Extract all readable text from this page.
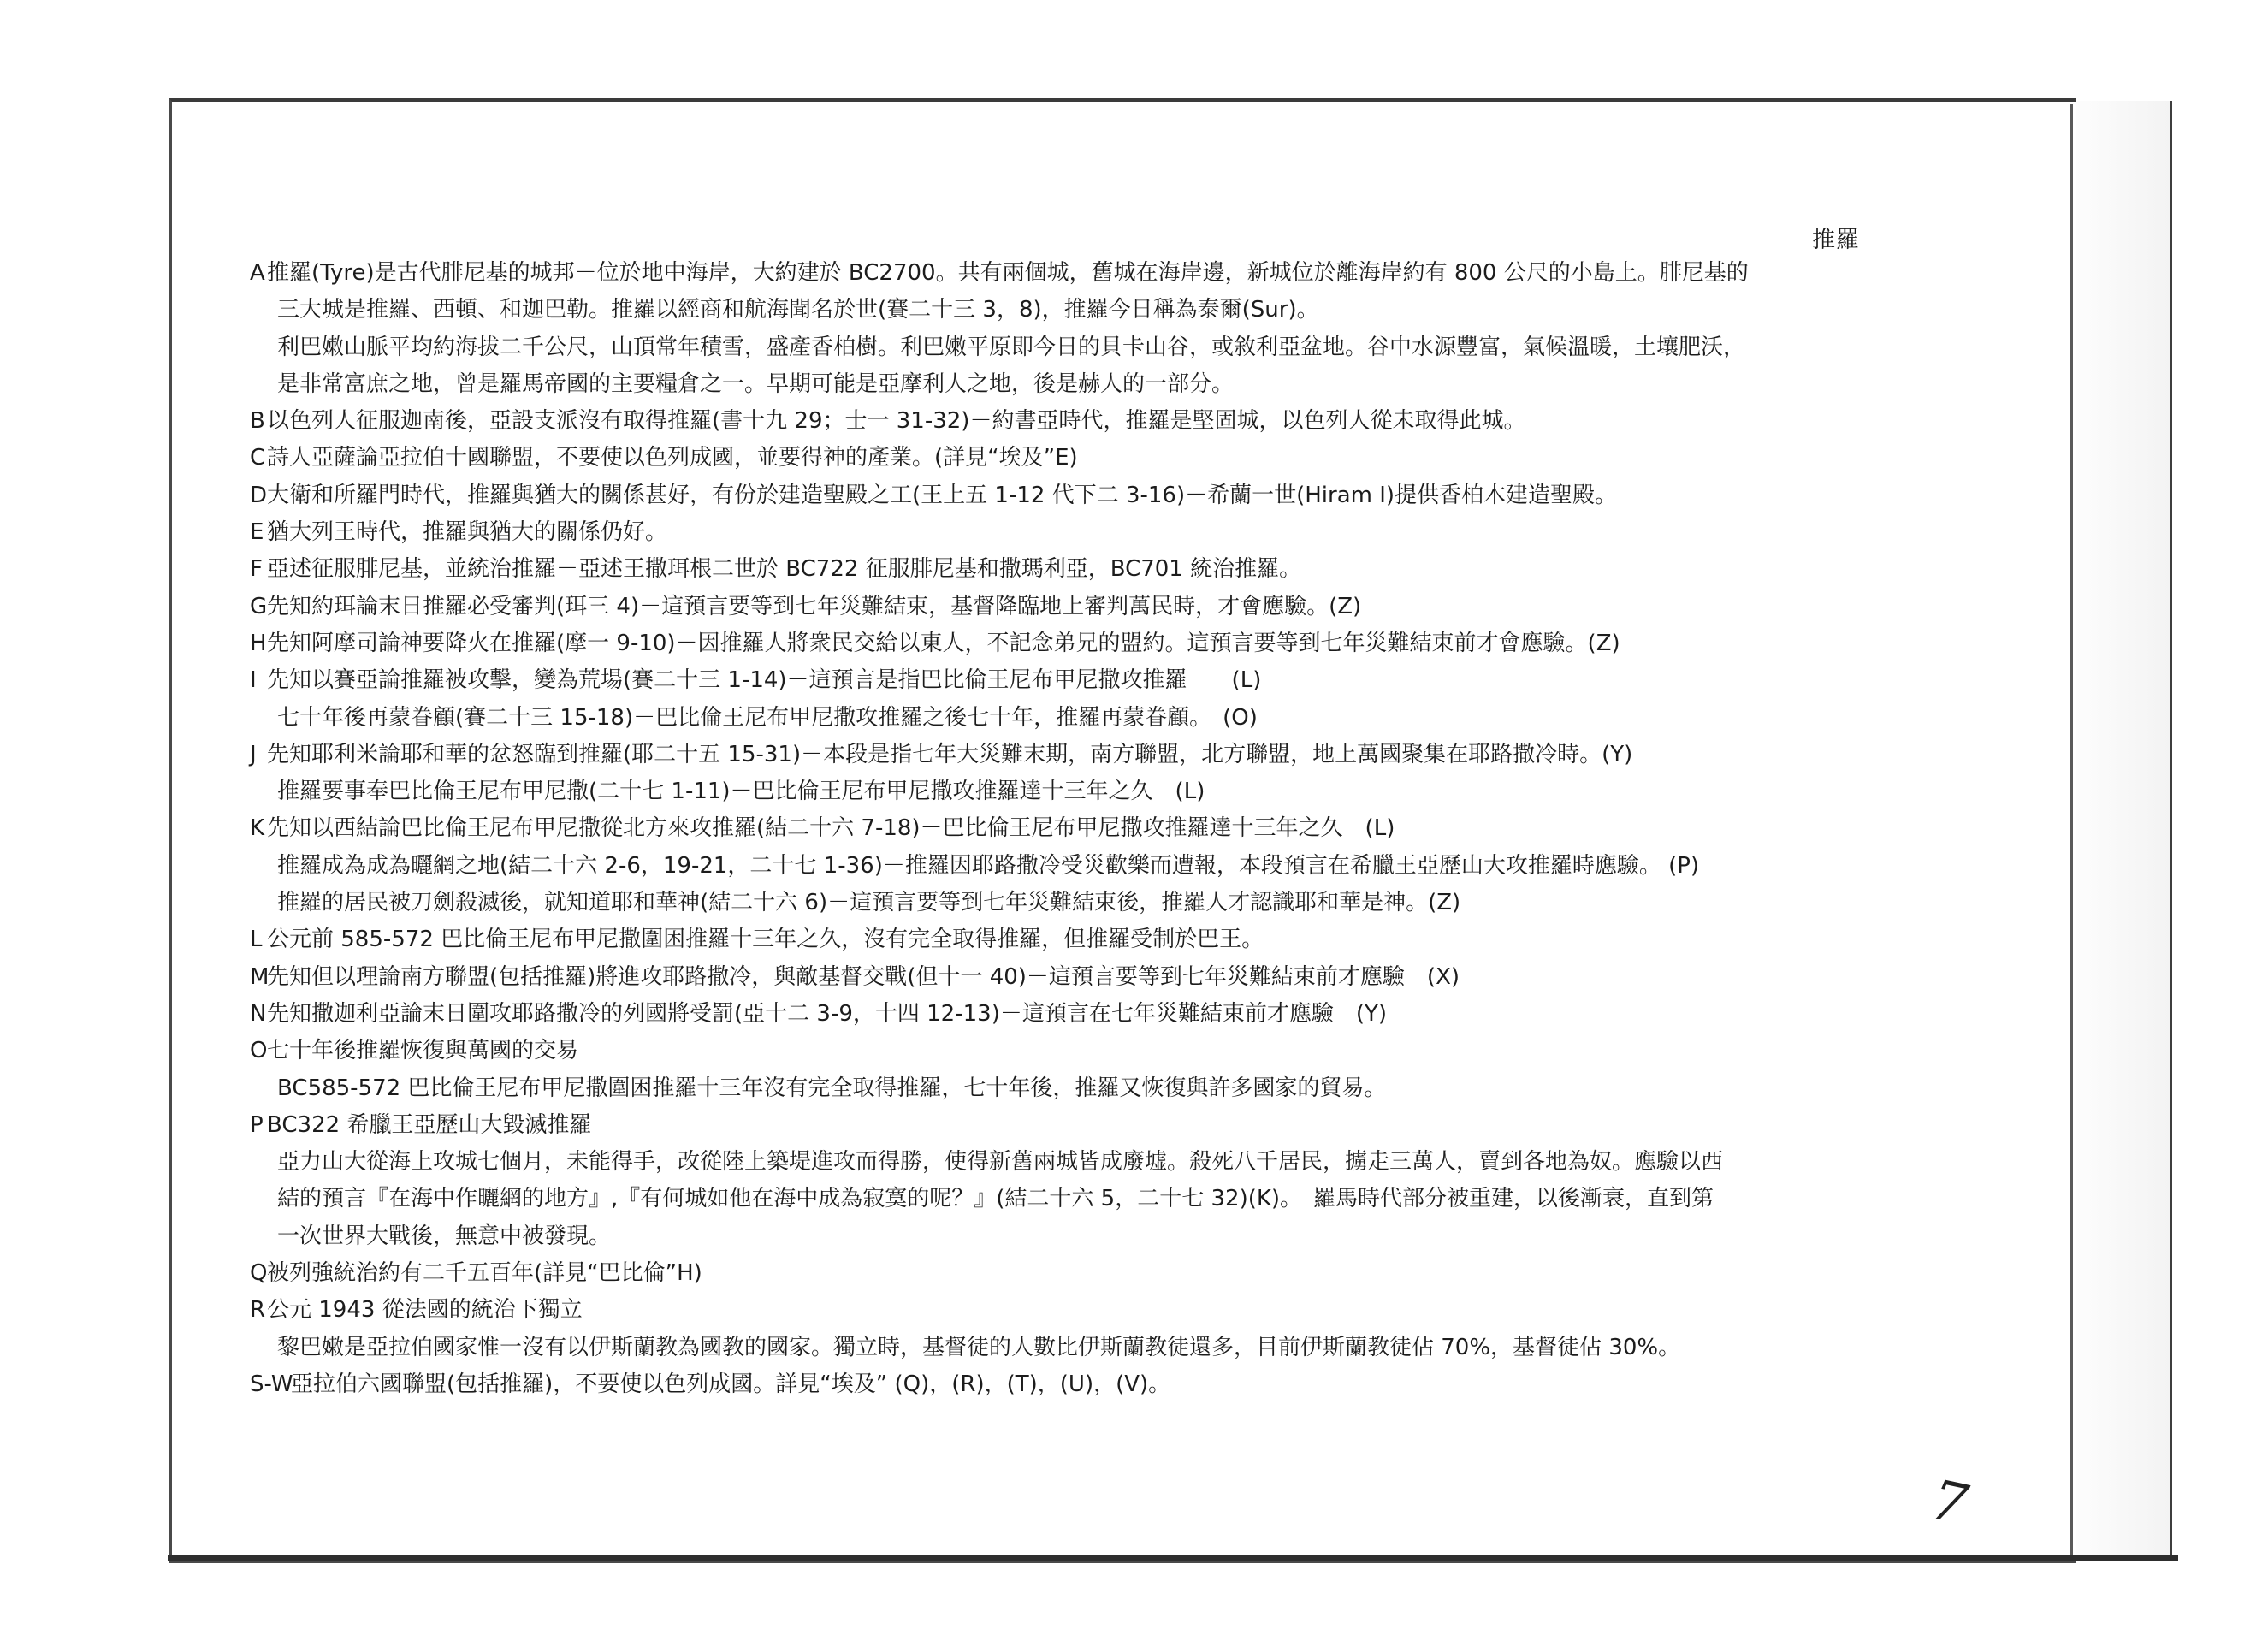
推羅
A 推羅(Tyre)是古代腓尼基的城邦－位於地中海岸，大約建於 BC2700。共有兩個城，舊城在海岸邊，新城位於離海岸約有 800 公尺的小島上。腓尼基的
三大城是推羅、西頓、和迦巴勒。推羅以經商和航海聞名於世(賽二十三 3，8)，推羅今日稱為泰爾(Sur)。
利巴嫩山脈平均約海拔二千公尺，山頂常年積雪，盛產香柏樹。利巴嫩平原即今日的貝卡山谷，或敘利亞盆地。谷中水源豐富，氣候溫暖，土壤肥沃，
是非常富庶之地，曾是羅馬帝國的主要糧倉之一。早期可能是亞摩利人之地，後是赫人的一部分。
B 以色列人征服迦南後，亞設支派沒有取得推羅(書十九 29；士一 31-32)－約書亞時代，推羅是堅固城，以色列人從未取得此城。
C 詩人亞薩論亞拉伯十國聯盟，不要使以色列成國，並要得神的產業。(詳見“埃及”E)
D 大衛和所羅門時代，推羅與猶大的關係甚好，有份於建造聖殿之工(王上五 1-12 代下二 3-16)－希蘭一世(Hiram I)提供香柏木建造聖殿。
E 猶大列王時代，推羅與猶大的關係仍好。
F 亞述征服腓尼基，並統治推羅－亞述王撒珥根二世於 BC722 征服腓尼基和撒瑪利亞，BC701 統治推羅。
G 先知約珥論末日推羅必受審判(珥三 4)－這預言要等到七年災難結束，基督降臨地上審判萬民時，才會應驗。(Z)
H 先知阿摩司論神要降火在推羅(摩一 9-10)－因推羅人將衆民交給以東人，不記念弟兄的盟約。這預言要等到七年災難結束前才會應驗。(Z)
I 先知以賽亞論推羅被攻擊，變為荒場(賽二十三 1-14)－這預言是指巴比倫王尼布甲尼撒攻推羅　　(L)
七十年後再蒙眷顧(賽二十三 15-18)－巴比倫王尼布甲尼撒攻推羅之後七十年，推羅再蒙眷顧。　(O)
J 先知耶利米論耶和華的忿怒臨到推羅(耶二十五 15-31)－本段是指七年大災難末期，南方聯盟，北方聯盟，地上萬國聚集在耶路撒冷時。(Y)
推羅要事奉巴比倫王尼布甲尼撒(二十七 1-11)－巴比倫王尼布甲尼撒攻推羅達十三年之久　(L)
K 先知以西結論巴比倫王尼布甲尼撒從北方來攻推羅(結二十六 7-18)－巴比倫王尼布甲尼撒攻推羅達十三年之久　(L)
推羅成為成為曬網之地(結二十六 2-6，19-21，二十七 1-36)－推羅因耶路撒冷受災歡樂而遭報，本段預言在希臘王亞歷山大攻推羅時應驗。 (P)
推羅的居民被刀劍殺滅後，就知道耶和華神(結二十六 6)－這預言要等到七年災難結束後，推羅人才認識耶和華是神。(Z)
L 公元前 585-572 巴比倫王尼布甲尼撒圍困推羅十三年之久，沒有完全取得推羅，但推羅受制於巴王。
M
先知但以理論南方聯盟(包括推羅)將進攻耶路撒冷，與敵基督交戰(但十一 40)－這預言要等到七年災難結束前才應驗　(X)
N 先知撒迦利亞論末日圍攻耶路撒冷的列國將受罰(亞十二 3-9，十四 12-13)－這預言在七年災難結束前才應驗　(Y)
O 七十年後推羅恢復與萬國的交易
BC585-572 巴比倫王尼布甲尼撒圍困推羅十三年沒有完全取得推羅，七十年後，推羅又恢復與許多國家的貿易。
P BC322 希臘王亞歷山大毀滅推羅
亞力山大從海上攻城七個月，未能得手，改從陸上築堤進攻而得勝，使得新舊兩城皆成廢墟。殺死八千居民，擄走三萬人，賣到各地為奴。應驗以西
結的預言『在海中作曬網的地方』,『有何城如他在海中成為寂寞的呢？』(結二十六 5，二十七 32)(K)。　羅馬時代部分被重建，以後漸衰，直到第
一次世界大戰後，無意中被發現。
Q 被列強統治約有二千五百年(詳見“巴比倫”H)
R 公元 1943 從法國的統治下獨立
黎巴嫩是亞拉伯國家惟一沒有以伊斯蘭教為國教的國家。獨立時，基督徒的人數比伊斯蘭教徒還多，目前伊斯蘭教徒佔 70%，基督徒佔 30%。
S-W
亞拉伯六國聯盟(包括推羅)，不要使以色列成國。詳見“埃及” (Q)，(R)，(T)，(U)，(V)。
7
